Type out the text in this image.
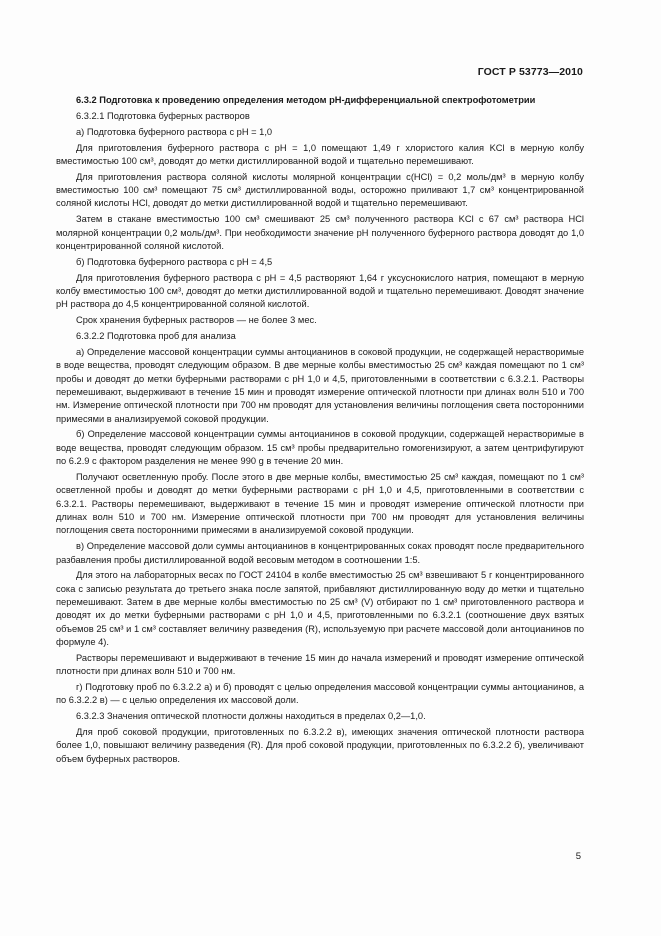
ГОСТ Р 53773—2010

6.3.2 Подготовка к проведению определения методом pH-дифференциальной спектрофотометрии

6.3.2.1 Подготовка буферных растворов

а) Подготовка буферного раствора с pH = 1,0

Для приготовления буферного раствора с pH = 1,0 помещают 1,49 г хлористого калия KCl в мерную колбу вместимостью 100 см³, доводят до метки дистиллированной водой и тщательно перемешивают.

Для приготовления раствора соляной кислоты молярной концентрации c(HCl) = 0,2 моль/дм³ в мерную колбу вместимостью 100 см³ помещают 75 см³ дистиллированной воды, осторожно приливают 1,7 см³ концентрированной соляной кислоты HCl, доводят до метки дистиллированной водой и тщательно перемешивают.

Затем в стакане вместимостью 100 см³ смешивают 25 см³ полученного раствора KCl с 67 см³ раствора HCl молярной концентрации 0,2 моль/дм³. При необходимости значение pH полученного буферного раствора доводят до 1,0 концентрированной соляной кислотой.

б) Подготовка буферного раствора с pH = 4,5

Для приготовления буферного раствора с pH = 4,5 растворяют 1,64 г уксуснокислого натрия, помещают в мерную колбу вместимостью 100 см³, доводят до метки дистиллированной водой и тщательно перемешивают. Доводят значение pH раствора до 4,5 концентрированной соляной кислотой.

Срок хранения буферных растворов — не более 3 мес.

6.3.2.2 Подготовка проб для анализа

а) Определение массовой концентрации суммы антоцианинов в соковой продукции, не содержащей нерастворимые в воде вещества, проводят следующим образом. В две мерные колбы вместимостью 25 см³ каждая помещают по 1 см³ пробы и доводят до метки буферными растворами с pH 1,0 и 4,5, приготовленными в соответствии с 6.3.2.1. Растворы перемешивают, выдерживают в течение 15 мин и проводят измерение оптической плотности при длинах волн 510 и 700 нм. Измерение оптической плотности при 700 нм проводят для установления величины поглощения света посторонними примесями в анализируемой соковой продукции.

б) Определение массовой концентрации суммы антоцианинов в соковой продукции, содержащей нерастворимые в воде вещества, проводят следующим образом. 15 см³ пробы предварительно гомогенизируют, а затем центрифугируют по 6.2.9 с фактором разделения не менее 990 g в течение 20 мин.

Получают осветленную пробу. После этого в две мерные колбы, вместимостью 25 см³ каждая, помещают по 1 см³ осветленной пробы и доводят до метки буферными растворами с pH 1,0 и 4,5, приготовленными в соответствии с 6.3.2.1. Растворы перемешивают, выдерживают в течение 15 мин и проводят измерение оптической плотности при длинах волн 510 и 700 нм. Измерение оптической плотности при 700 нм проводят для установления величины поглощения света посторонними примесями в анализируемой соковой продукции.

в) Определение массовой доли суммы антоцианинов в концентрированных соках проводят после предварительного разбавления пробы дистиллированной водой весовым методом в соотношении 1:5.

Для этого на лабораторных весах по ГОСТ 24104 в колбе вместимостью 25 см³ взвешивают 5 г концентрированного сока с записью результата до третьего знака после запятой, прибавляют дистиллированную воду до метки и тщательно перемешивают. Затем в две мерные колбы вместимостью по 25 см³ (V) отбирают по 1 см³ приготовленного раствора и доводят их до метки буферными растворами с pH 1,0 и 4,5, приготовленными по 6.3.2.1 (соотношение двух взятых объемов 25 см³ и 1 см³ составляет величину разведения (R), используемую при расчете массовой доли антоцианинов по формуле 4).

Растворы перемешивают и выдерживают в течение 15 мин до начала измерений и проводят измерение оптической плотности при длинах волн 510 и 700 нм.

г) Подготовку проб по 6.3.2.2 а) и б) проводят с целью определения массовой концентрации суммы антоцианинов, а по 6.3.2.2 в) — с целью определения их массовой доли.

6.3.2.3 Значения оптической плотности должны находиться в пределах 0,2—1,0.

Для проб соковой продукции, приготовленных по 6.3.2.2 в), имеющих значения оптической плотности раствора более 1,0, повышают величину разведения (R). Для проб соковой продукции, приготовленных по 6.3.2.2 б), увеличивают объем буферных растворов.

5
